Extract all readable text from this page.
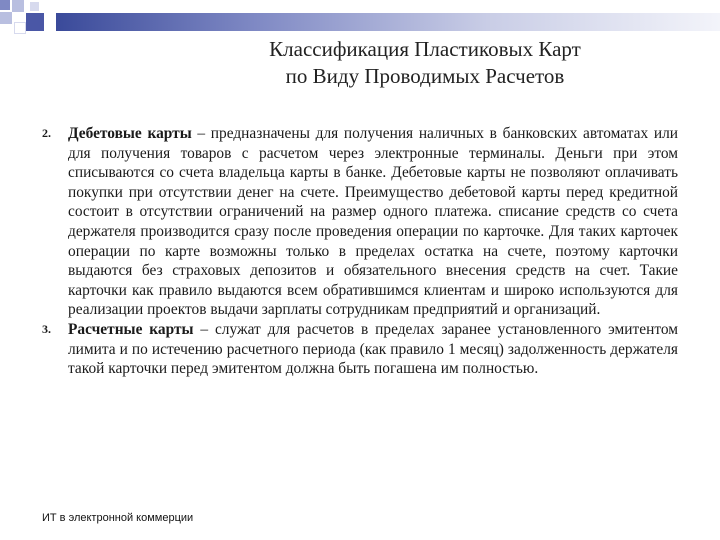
Классификация Пластиковых Карт
по Виду Проводимых Расчетов
2. Дебетовые карты – предназначены для получения наличных в банковских автоматах или для получения товаров с расчетом через электронные терминалы. Деньги при этом списываются со счета владельца карты в банке. Дебетовые карты не позволяют оплачивать покупки при отсутствии денег на счете. Преимущество дебетовой карты перед кредитной состоит в отсутствии ограничений на размер одного платежа. списание средств со счета держателя производится сразу после проведения операции по карточке. Для таких карточек операции по карте возможны только в пределах остатка на счете, поэтому карточки выдаются без страховых депозитов и обязательного внесения средств на счет. Такие карточки как правило выдаются всем обратившимся клиентам и широко используются для реализации проектов выдачи зарплаты сотрудникам предприятий и организаций.
3. Расчетные карты – служат для расчетов в пределах заранее установленного эмитентом лимита и по истечению расчетного периода (как правило 1 месяц) задолженность держателя такой карточки перед эмитентом должна быть погашена им полностью.
ИТ в электронной коммерции
